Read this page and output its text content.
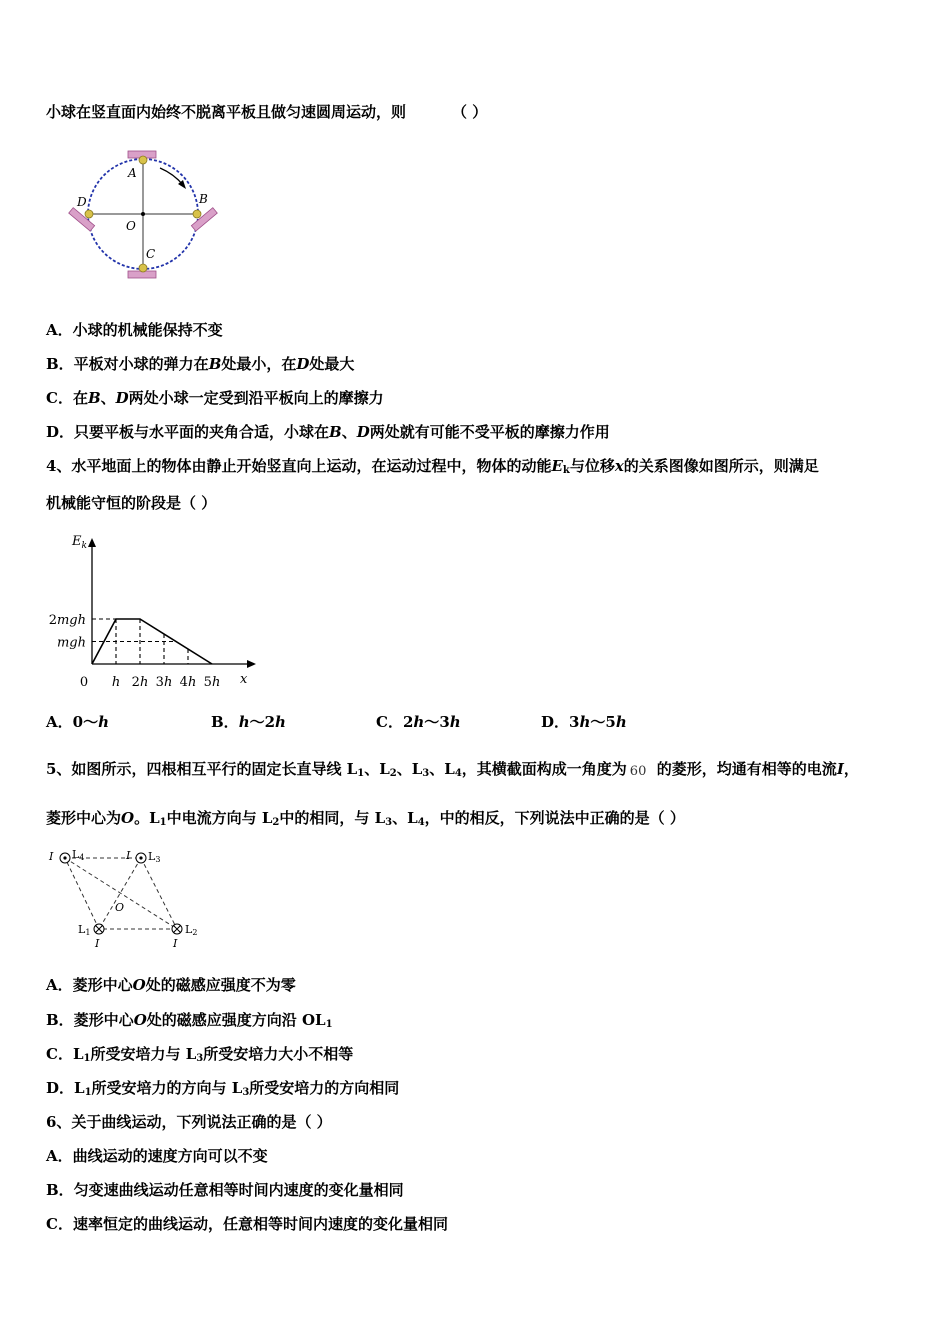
小球在竖直面内始终不脱离平板且做匀速圆周运动，则	（ ）
A
B
C
D
O
A．小球的机械能保持不变
B．平板对小球的弹力在B处最小，在D处最大
C．在B、D两处小球一定受到沿平板向上的摩擦力
D．只要平板与水平面的夹角合适，小球在B、D两处就有可能不受平板的摩擦力作用
4、水平地面上的物体由静止开始竖直向上运动，在运动过程中，物体的动能$E_k$与位移x的关系图像如图所示，则满足
机械能守恒的阶段是（ ）
$E_k$
x
0 h 2h 3h 4h 5h
2mgh
mgh
A．0～h	B．h～2h	C．2h～3h	D．3h～5h
5、如图所示，四根相互平行的固定长直导线 $L_1$、$L_2$、$L_3$、$L_4$，其横截面构成一角度为 60 的菱形，均通有相等的电流I，
菱形中心为O。$L_1$中电流方向与 $L_2$中的相同，与 $L_3$、$L_4$，中的相反，下列说法中正确的是（ ）
I L4	I L3
O
L1
I
L2
I
A．菱形中心O处的磁感应强度不为零
B．菱形中心O处的磁感应强度方向沿 $OL_1$
C．$L_1$所受安培力与 $L_3$所受安培力大小不相等
D．$L_1$所受安培力的方向与 $L_3$所受安培力的方向相同
6、关于曲线运动，下列说法正确的是（ ）
A．曲线运动的速度方向可以不变
B．匀变速曲线运动任意相等时间内速度的变化量相同
C．速率恒定的曲线运动，任意相等时间内速度的变化量相同
